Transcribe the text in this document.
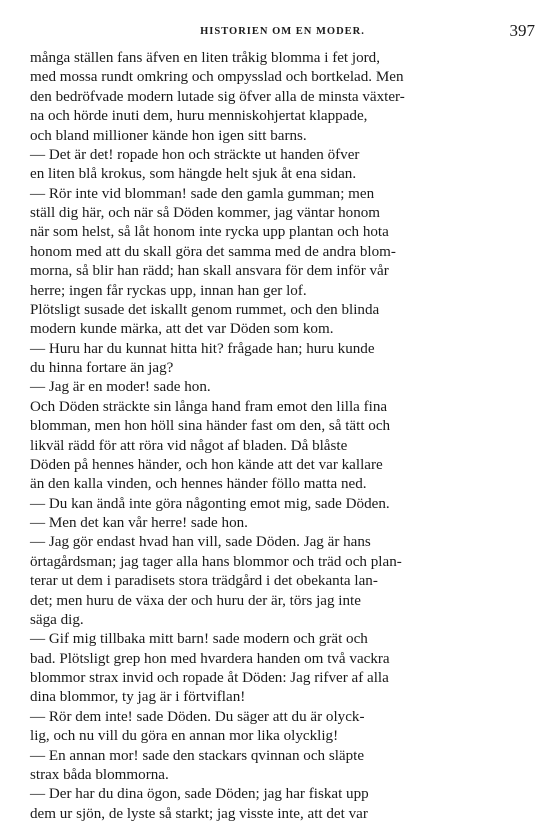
HISTORIEN OM EN MODER.	397
många ställen fans äfven en liten tråkig blomma i fet jord,
med mossa rundt omkring och ompysslad och bortkelad. Men
den bedröfvade modern lutade sig öfver alla de minsta växter-
na och hörde inuti dem, huru menniskohjertat klappade,
och bland millioner kände hon igen sitt barns.
— Det är det! ropade hon och sträckte ut handen öfver
en liten blå krokus, som hängde helt sjuk åt ena sidan.
— Rör inte vid blomman! sade den gamla gumman; men
ställ dig här, och när så Döden kommer, jag väntar honom
när som helst, så låt honom inte rycka upp plantan och hota
honom med att du skall göra det samma med de andra blom-
morna, så blir han rädd; han skall ansvara för dem inför vår
herre; ingen får ryckas upp, innan han ger lof.
Plötsligt susade det iskallt genom rummet, och den blinda
modern kunde märka, att det var Döden som kom.
— Huru har du kunnat hitta hit? frågade han; huru kunde
du hinna fortare än jag?
— Jag är en moder! sade hon.
Och Döden sträckte sin långa hand fram emot den lilla fina
blomman, men hon höll sina händer fast om den, så tätt och
likväl rädd för att röra vid något af bladen. Då blåste
Döden på hennes händer, och hon kände att det var kallare
än den kalla vinden, och hennes händer föllo matta ned.
— Du kan ändå inte göra någonting emot mig, sade Döden.
— Men det kan vår herre! sade hon.
— Jag gör endast hvad han vill, sade Döden. Jag är hans
örtagårdsman; jag tager alla hans blommor och träd och plan-
terar ut dem i paradisets stora trädgård i det obekanta lan-
det; men huru de växa der och huru der är, törs jag inte
säga dig.
— Gif mig tillbaka mitt barn! sade modern och grät och
bad. Plötsligt grep hon med hvardera handen om två vackra
blommor strax invid och ropade åt Döden: Jag rifver af alla
dina blommor, ty jag är i förtviflan!
— Rör dem inte! sade Döden. Du säger att du är olyck-
lig, och nu vill du göra en annan mor lika olycklig!
— En annan mor! sade den stackars qvinnan och släpte
strax båda blommorna.
— Der har du dina ögon, sade Döden; jag har fiskat upp
dem ur sjön, de lyste så starkt; jag visste inte, att det var
